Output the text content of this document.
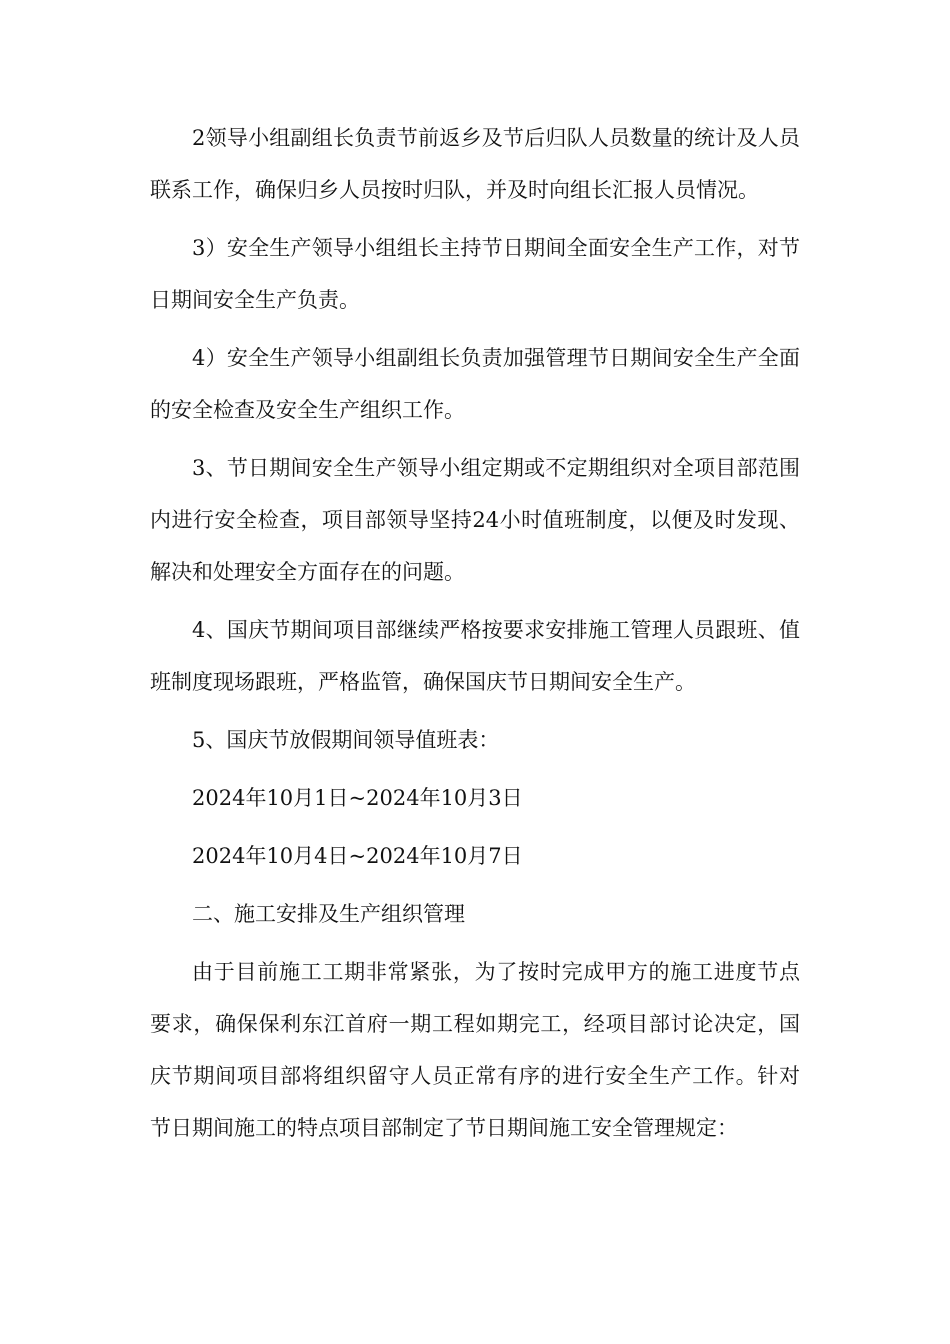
2领导小组副组长负责节前返乡及节后归队人员数量的统计及人员联系工作，确保归乡人员按时归队，并及时向组长汇报人员情况。

3）安全生产领导小组组长主持节日期间全面安全生产工作，对节日期间安全生产负责。

4）安全生产领导小组副组长负责加强管理节日期间安全生产全面的安全检查及安全生产组织工作。

3、节日期间安全生产领导小组定期或不定期组织对全项目部范围内进行安全检查，项目部领导坚持24小时值班制度，以便及时发现、解决和处理安全方面存在的问题。

4、国庆节期间项目部继续严格按要求安排施工管理人员跟班、值班制度现场跟班，严格监管，确保国庆节日期间安全生产。

5、国庆节放假期间领导值班表：

2024年10月1日~2024年10月3日

2024年10月4日~2024年10月7日

二、施工安排及生产组织管理

由于目前施工工期非常紧张，为了按时完成甲方的施工进度节点要求，确保保利东江首府一期工程如期完工，经项目部讨论决定，国庆节期间项目部将组织留守人员正常有序的进行安全生产工作。针对节日期间施工的特点项目部制定了节日期间施工安全管理规定：
